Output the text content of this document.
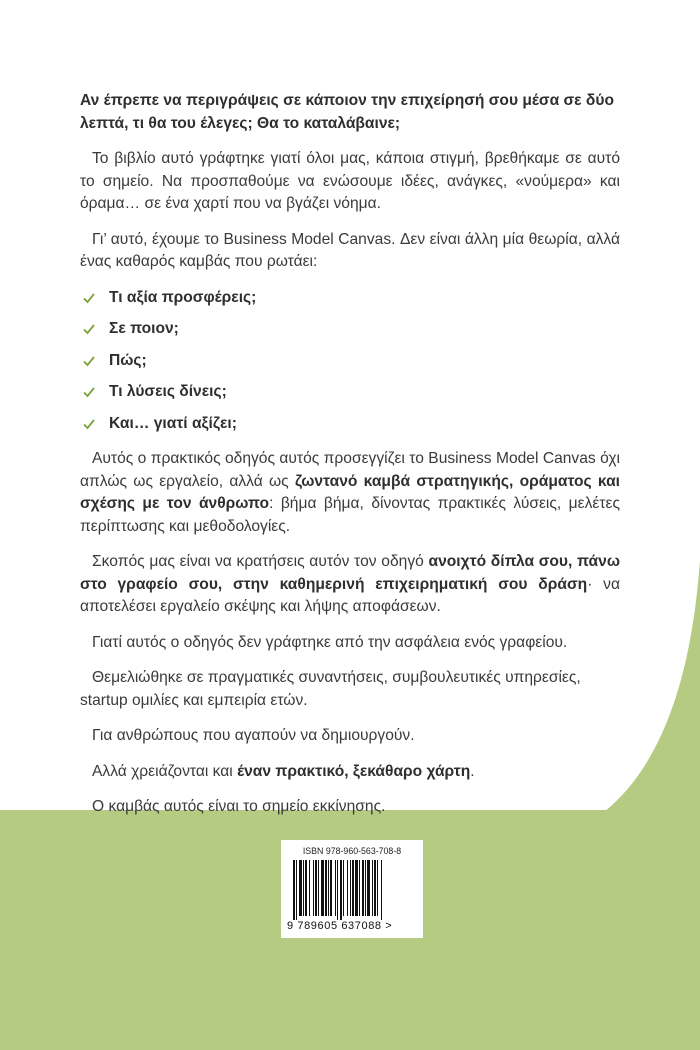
Αν έπρεπε να περιγράψεις σε κάποιον την επιχείρησή σου μέσα σε δύο λεπτά, τι θα του έλεγες; Θα το καταλάβαινε;

Το βιβλίο αυτό γράφτηκε γιατί όλοι μας, κάποια στιγμή, βρεθήκαμε σε αυτό το σημείο. Να προσπαθούμε να ενώσουμε ιδέες, ανάγκες, «νούμερα» και όραμα… σε ένα χαρτί που να βγάζει νόημα.

Γι’ αυτό, έχουμε το Business Model Canvas. Δεν είναι άλλη μία θεωρία, αλλά ένας καθαρός καμβάς που ρωτάει:

Τι αξία προσφέρεις;
Σε ποιον;
Πώς;
Τι λύσεις δίνεις;
Και… γιατί αξίζει;

Αυτός ο πρακτικός οδηγός αυτός προσεγγίζει το Business Model Canvas όχι απλώς ως εργαλείο, αλλά ως ζωντανό καμβά στρατηγικής, οράματος και σχέσης με τον άνθρωπο: βήμα βήμα, δίνοντας πρακτικές λύσεις, μελέτες περίπτωσης και μεθοδολογίες.

Σκοπός μας είναι να κρατήσεις αυτόν τον οδηγό ανοιχτό δίπλα σου, πάνω στο γραφείο σου, στην καθημερινή επιχειρηματική σου δράση· να αποτελέσει εργαλείο σκέψης και λήψης αποφάσεων.

Γιατί αυτός ο οδηγός δεν γράφτηκε από την ασφάλεια ενός γραφείου.

Θεμελιώθηκε σε πραγματικές συναντήσεις, συμβουλευτικές υπηρεσίες, startup ομιλίες και εμπειρία ετών.

Για ανθρώπους που αγαπούν να δημιουργούν.

Αλλά χρειάζονται και έναν πρακτικό, ξεκάθαρο χάρτη.

Ο καμβάς αυτός είναι το σημείο εκκίνησης.

ISBN 978-960-563-708-8
9 789605 637088 >
